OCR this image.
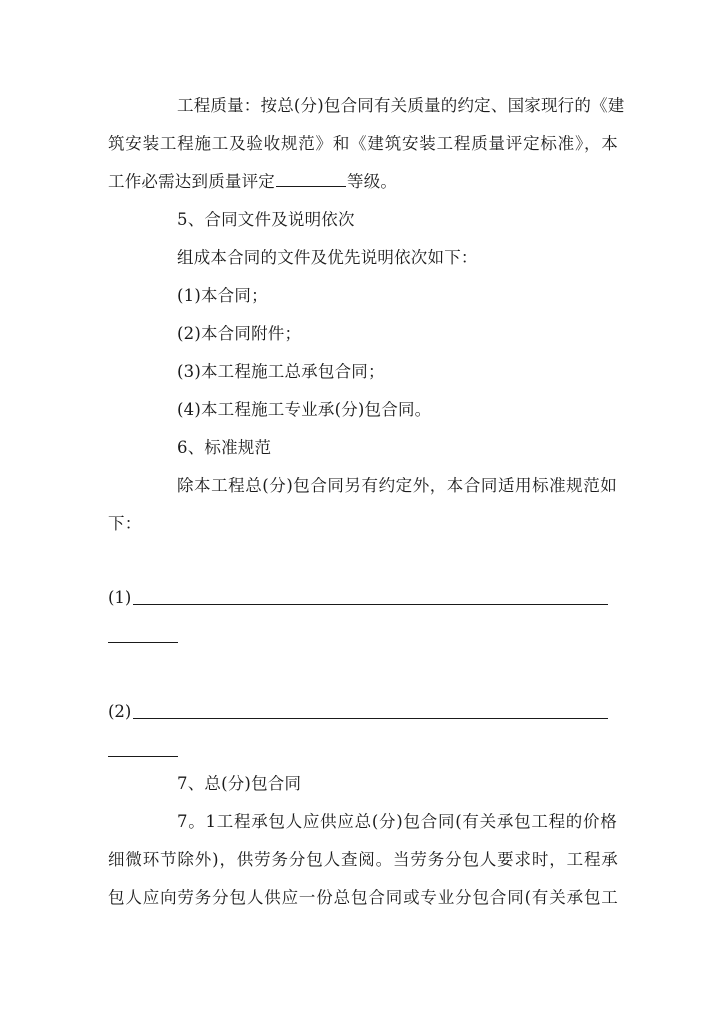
工程质量：按总(分)包合同有关质量的约定、国家现行的《建
筑安装工程施工及验收规范》和《建筑安装工程质量评定标准》，本
工作必需达到质量评定	等级。
5、合同文件及说明依次
组成本合同的文件及优先说明依次如下：
(1)本合同；
(2)本合同附件；
(3)本工程施工总承包合同；
(4)本工程施工专业承(分)包合同。
6、标准规范
除本工程总(分)包合同另有约定外，本合同适用标准规范如
下：
(1)
(2)
7、总(分)包合同
7。1工程承包人应供应总(分)包合同(有关承包工程的价格
细微环节除外)，供劳务分包人查阅。当劳务分包人要求时，工程承
包人应向劳务分包人供应一份总包合同或专业分包合同(有关承包工
